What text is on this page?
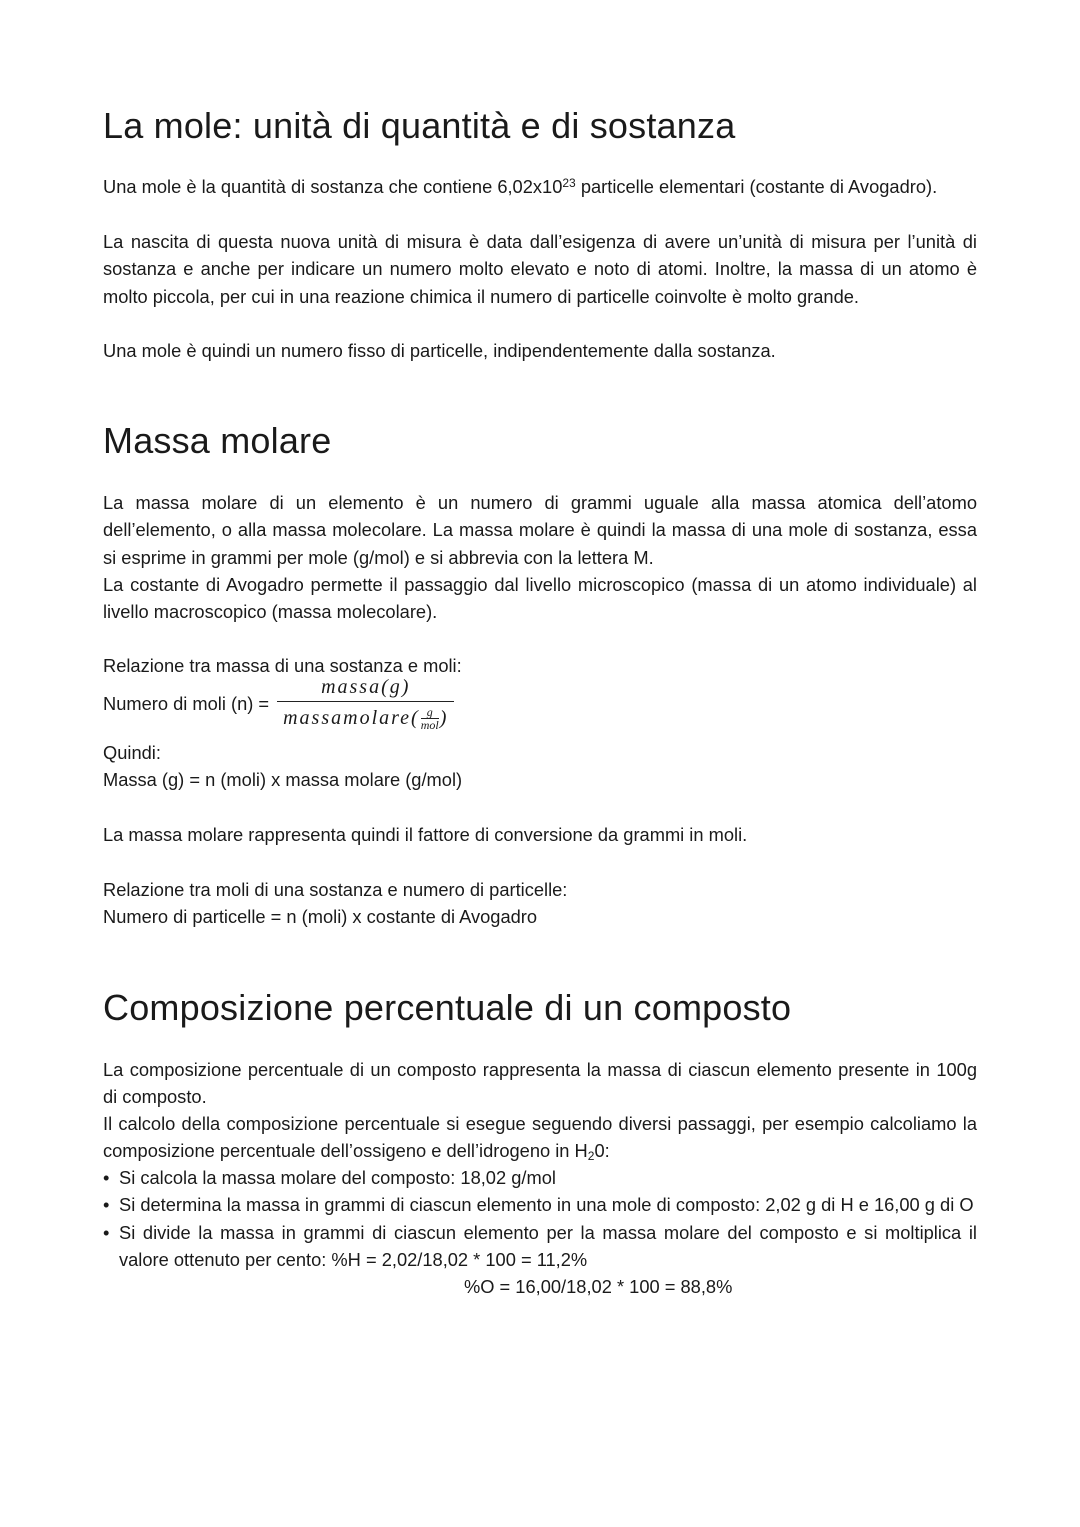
La mole: unità di quantità e di sostanza
Una mole è la quantità di sostanza che contiene $6,02x10^{23}$ particelle elementari (costante di Avogadro).
La nascita di questa nuova unità di misura è data dall’esigenza di avere un’unità di misura per l’unità di sostanza e anche per indicare un numero molto elevato e noto di atomi. Inoltre, la massa di un atomo è molto piccola, per cui in una reazione chimica il numero di particelle coinvolte è molto grande.
Una mole è quindi un numero fisso di particelle, indipendentemente dalla sostanza.
Massa molare
La massa molare di un elemento è un numero di grammi uguale alla massa atomica dell’atomo dell’elemento, o alla massa molecolare. La massa molare è quindi la massa di una mole di sostanza, essa si esprime in grammi per mole (g/mol) e si abbrevia con la lettera M.
La costante di Avogadro permette il passaggio dal livello microscopico (massa di un atomo individuale) al livello macroscopico (massa molecolare).
Relazione tra massa di una sostanza e moli:
Numero di moli (n) = massa(g)
massamolare( g
mol )
Quindi:
Massa (g) = n (moli) x massa molare (g/mol)
La massa molare rappresenta quindi il fattore di conversione da grammi in moli.
Relazione tra moli di una sostanza e numero di particelle:
Numero di particelle = n (moli) x costante di Avogadro
Composizione percentuale di un composto
La composizione percentuale di un composto rappresenta la massa di ciascun elemento presente in 100g di composto.
Il calcolo della composizione percentuale si esegue seguendo diversi passaggi, per esempio calcoliamo la composizione percentuale dell’ossigeno e dell’idrogeno in $H_20$:
• Si calcola la massa molare del composto: 18,02 g/mol
• Si determina la massa in grammi di ciascun elemento in una mole di composto: 2,02 g di H e 16,00 g di O
• Si divide la massa in grammi di ciascun elemento per la massa molare del composto e si moltiplica il valore ottenuto per cento: %H = 2,02/18,02 * 100 = 11,2%
%O = 16,00/18,02 * 100 = 88,8%
